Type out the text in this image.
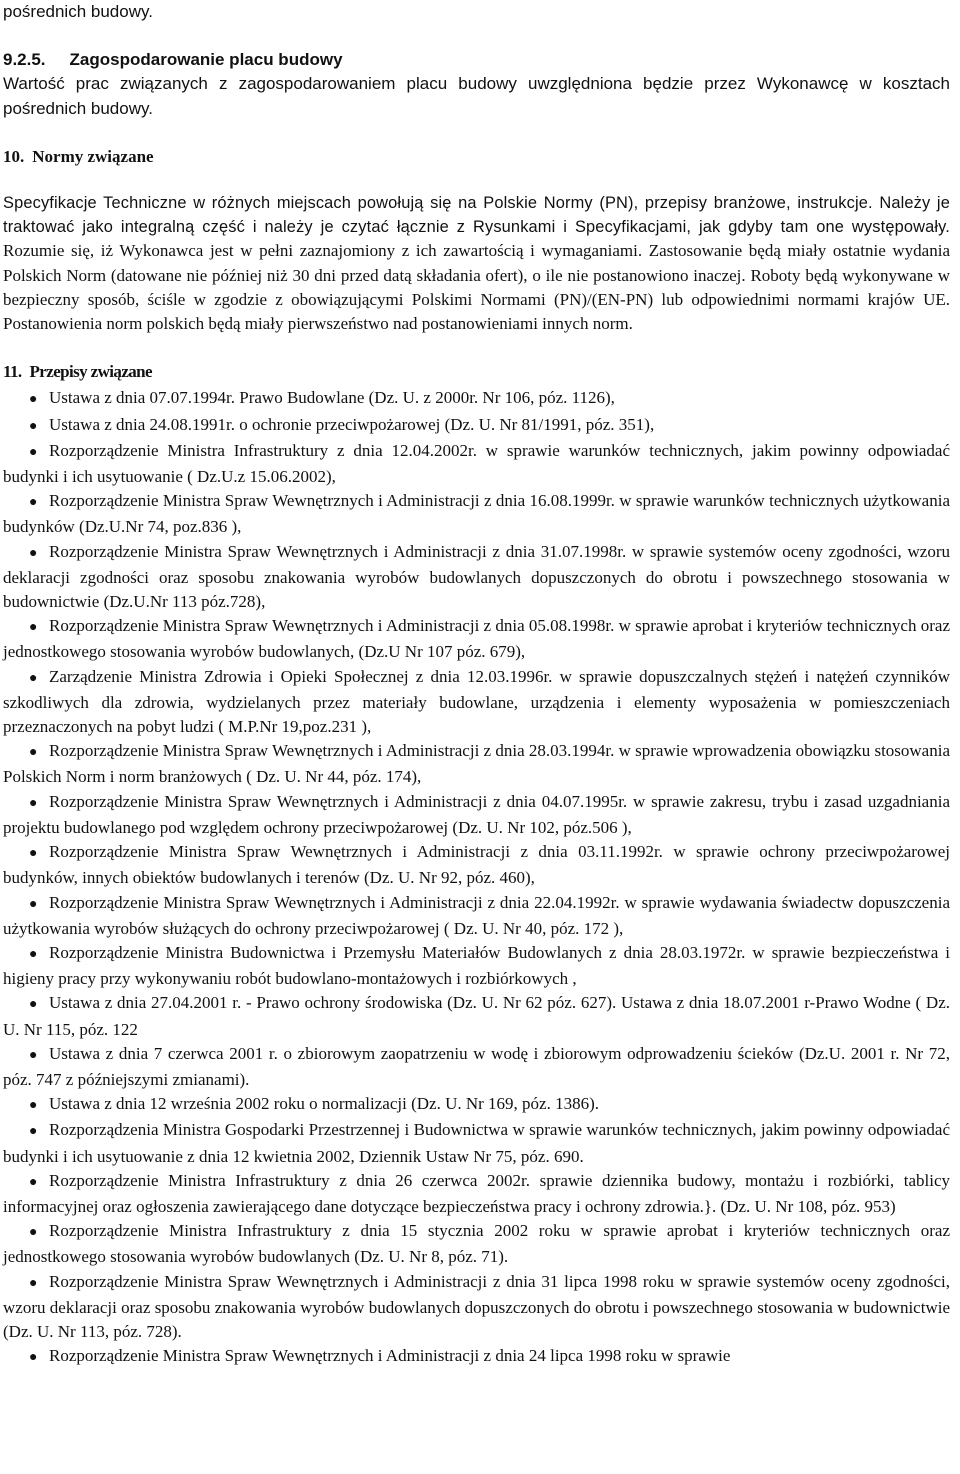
pośrednich budowy.

9.2.5. Zagospodarowanie placu budowy

Wartość prac związanych z zagospodarowaniem placu budowy uwzględniona będzie przez Wykonawcę w kosztach pośrednich budowy.

10. Normy związane

Specyfikacje Techniczne w różnych miejscach powołują się na Polskie Normy (PN), przepisy branżowe, instrukcje. Należy je traktować jako integralną część i należy je czytać łącznie z Rysunkami i Specyfikacjami, jak gdyby tam one występowały. Rozumie się, iż Wykonawca jest w pełni zaznajomiony z ich zawartością i wymaganiami. Zastosowanie będą miały ostatnie wydania Polskich Norm (datowane nie później niż 30 dni przed datą składania ofert), o ile nie postanowiono inaczej. Roboty będą wykonywane w bezpieczny sposób, ściśle w zgodzie z obowiązującymi Polskimi Normami (PN)/(EN-PN) lub odpowiednimi normami krajów UE. Postanowienia norm polskich będą miały pierwszeństwo nad postanowieniami innych norm.

11. Przepisy związane
● Ustawa z dnia 07.07.1994r. Prawo Budowlane (Dz. U. z 2000r. Nr 106, póz. 1126),
● Ustawa z dnia 24.08.1991r. o ochronie przeciwpożarowej (Dz. U. Nr 81/1991, póz. 351),
● Rozporządzenie Ministra Infrastruktury z dnia 12.04.2002r. w sprawie warunków technicznych, jakim powinny odpowiadać budynki i ich usytuowanie ( Dz.U.z 15.06.2002),
● Rozporządzenie Ministra Spraw Wewnętrznych i Administracji z dnia 16.08.1999r. w sprawie warunków technicznych użytkowania budynków (Dz.U.Nr 74, poz.836 ),
● Rozporządzenie Ministra Spraw Wewnętrznych i Administracji z dnia 31.07.1998r. w sprawie systemów oceny zgodności, wzoru deklaracji zgodności oraz sposobu znakowania wyrobów budowlanych dopuszczonych do obrotu i powszechnego stosowania w budownictwie (Dz.U.Nr 113 póz.728),
● Rozporządzenie Ministra Spraw Wewnętrznych i Administracji z dnia 05.08.1998r. w sprawie aprobat i kryteriów technicznych oraz jednostkowego stosowania wyrobów budowlanych, (Dz.U Nr 107 póz. 679),
● Zarządzenie Ministra Zdrowia i Opieki Społecznej z dnia 12.03.1996r. w sprawie dopuszczalnych stężeń i natężeń czynników szkodliwych dla zdrowia, wydzielanych przez materiały budowlane, urządzenia i elementy wyposażenia w pomieszczeniach przeznaczonych na pobyt ludzi ( M.P.Nr 19,poz.231 ),
● Rozporządzenie Ministra Spraw Wewnętrznych i Administracji z dnia 28.03.1994r. w sprawie wprowadzenia obowiązku stosowania Polskich Norm i norm branżowych ( Dz. U. Nr 44, póz. 174),
● Rozporządzenie Ministra Spraw Wewnętrznych i Administracji z dnia 04.07.1995r. w sprawie zakresu, trybu i zasad uzgadniania projektu budowlanego pod względem ochrony przeciwpożarowej (Dz. U. Nr 102, póz.506 ),
● Rozporządzenie Ministra Spraw Wewnętrznych i Administracji z dnia 03.11.1992r. w sprawie ochrony przeciwpożarowej budynków, innych obiektów budowlanych i terenów (Dz. U. Nr 92, póz. 460),
● Rozporządzenie Ministra Spraw Wewnętrznych i Administracji z dnia 22.04.1992r. w sprawie wydawania świadectw dopuszczenia użytkowania wyrobów służących do ochrony przeciwpożarowej ( Dz. U. Nr 40, póz. 172 ),
● Rozporządzenie Ministra Budownictwa i Przemysłu Materiałów Budowlanych z dnia 28.03.1972r. w sprawie bezpieczeństwa i higieny pracy przy wykonywaniu robót budowlano-montażowych i rozbiórkowych ,
● Ustawa z dnia 27.04.2001 r. - Prawo ochrony środowiska (Dz. U. Nr 62 póz. 627). Ustawa z dnia 18.07.2001 r-Prawo Wodne ( Dz. U. Nr 115, póz. 122
● Ustawa z dnia 7 czerwca 2001 r. o zbiorowym zaopatrzeniu w wodę i zbiorowym odprowadzeniu ścieków (Dz.U. 2001 r. Nr 72, póz. 747 z późniejszymi zmianami).
● Ustawa z dnia 12 września 2002 roku o normalizacji (Dz. U. Nr 169, póz. 1386).
● Rozporządzenia Ministra Gospodarki Przestrzennej i Budownictwa w sprawie warunków technicznych, jakim powinny odpowiadać budynki i ich usytuowanie z dnia 12 kwietnia 2002, Dziennik Ustaw Nr 75, póz. 690.
● Rozporządzenie Ministra Infrastruktury z dnia 26 czerwca 2002r. sprawie dziennika budowy, montażu i rozbiórki, tablicy informacyjnej oraz ogłoszenia zawierającego dane dotyczące bezpieczeństwa pracy i ochrony zdrowia.}. (Dz. U. Nr 108, póz. 953)
● Rozporządzenie Ministra Infrastruktury z dnia 15 stycznia 2002 roku w sprawie aprobat i kryteriów technicznych oraz jednostkowego stosowania wyrobów budowlanych (Dz. U. Nr 8, póz. 71).
● Rozporządzenie Ministra Spraw Wewnętrznych i Administracji z dnia 31 lipca 1998 roku w sprawie systemów oceny zgodności, wzoru deklaracji oraz sposobu znakowania wyrobów budowlanych dopuszczonych do obrotu i powszechnego stosowania w budownictwie (Dz. U. Nr 113, póz. 728).
● Rozporządzenie Ministra Spraw Wewnętrznych i Administracji z dnia 24 lipca 1998 roku w sprawie
